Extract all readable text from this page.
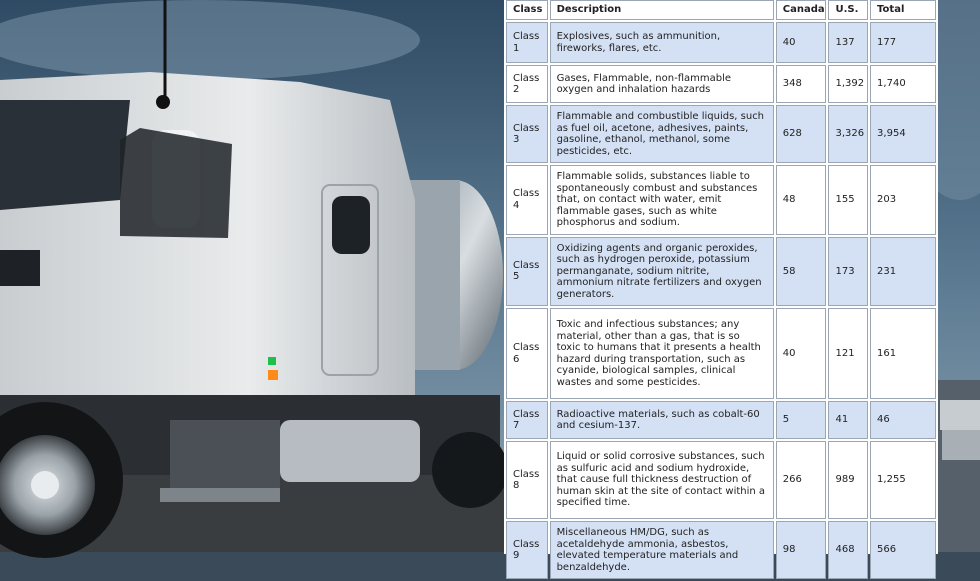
Class	Description	Canada	U.S.	Total
Class 1	Explosives, such as ammunition, fireworks, flares, etc.	40	137	177
Class 2	Gases, Flammable, non-flammable oxygen and inhalation hazards	348	1,392	1,740
Class 3	Flammable and combustible liquids, such as fuel oil, acetone, adhesives, paints, gasoline, ethanol, methanol, some pesticides, etc.	628	3,326	3,954
Class 4	Flammable solids, substances liable to spontaneously combust and substances that, on contact with water, emit flammable gases, such as white phosphorus and sodium.	48	155	203
Class 5	Oxidizing agents and organic peroxides, such as hydrogen peroxide, potassium permanganate, sodium nitrite, ammonium nitrate fertilizers and oxygen generators.	58	173	231
Class 6	Toxic and infectious substances; any material, other than a gas, that is so toxic to humans that it presents a health hazard during transportation, such as cyanide, biological samples, clinical wastes and some pesticides.	40	121	161
Class 7	Radioactive materials, such as cobalt-60 and cesium-137.	5	41	46
Class 8	Liquid or solid corrosive substances, such as sulfuric acid and sodium hydroxide, that cause full thickness destruction of human skin at the site of contact within a specified time.	266	989	1,255
Class 9	Miscellaneous HM/DG, such as acetaldehyde ammonia, asbestos, elevated temperature materials and benzaldehyde.	98	468	566
